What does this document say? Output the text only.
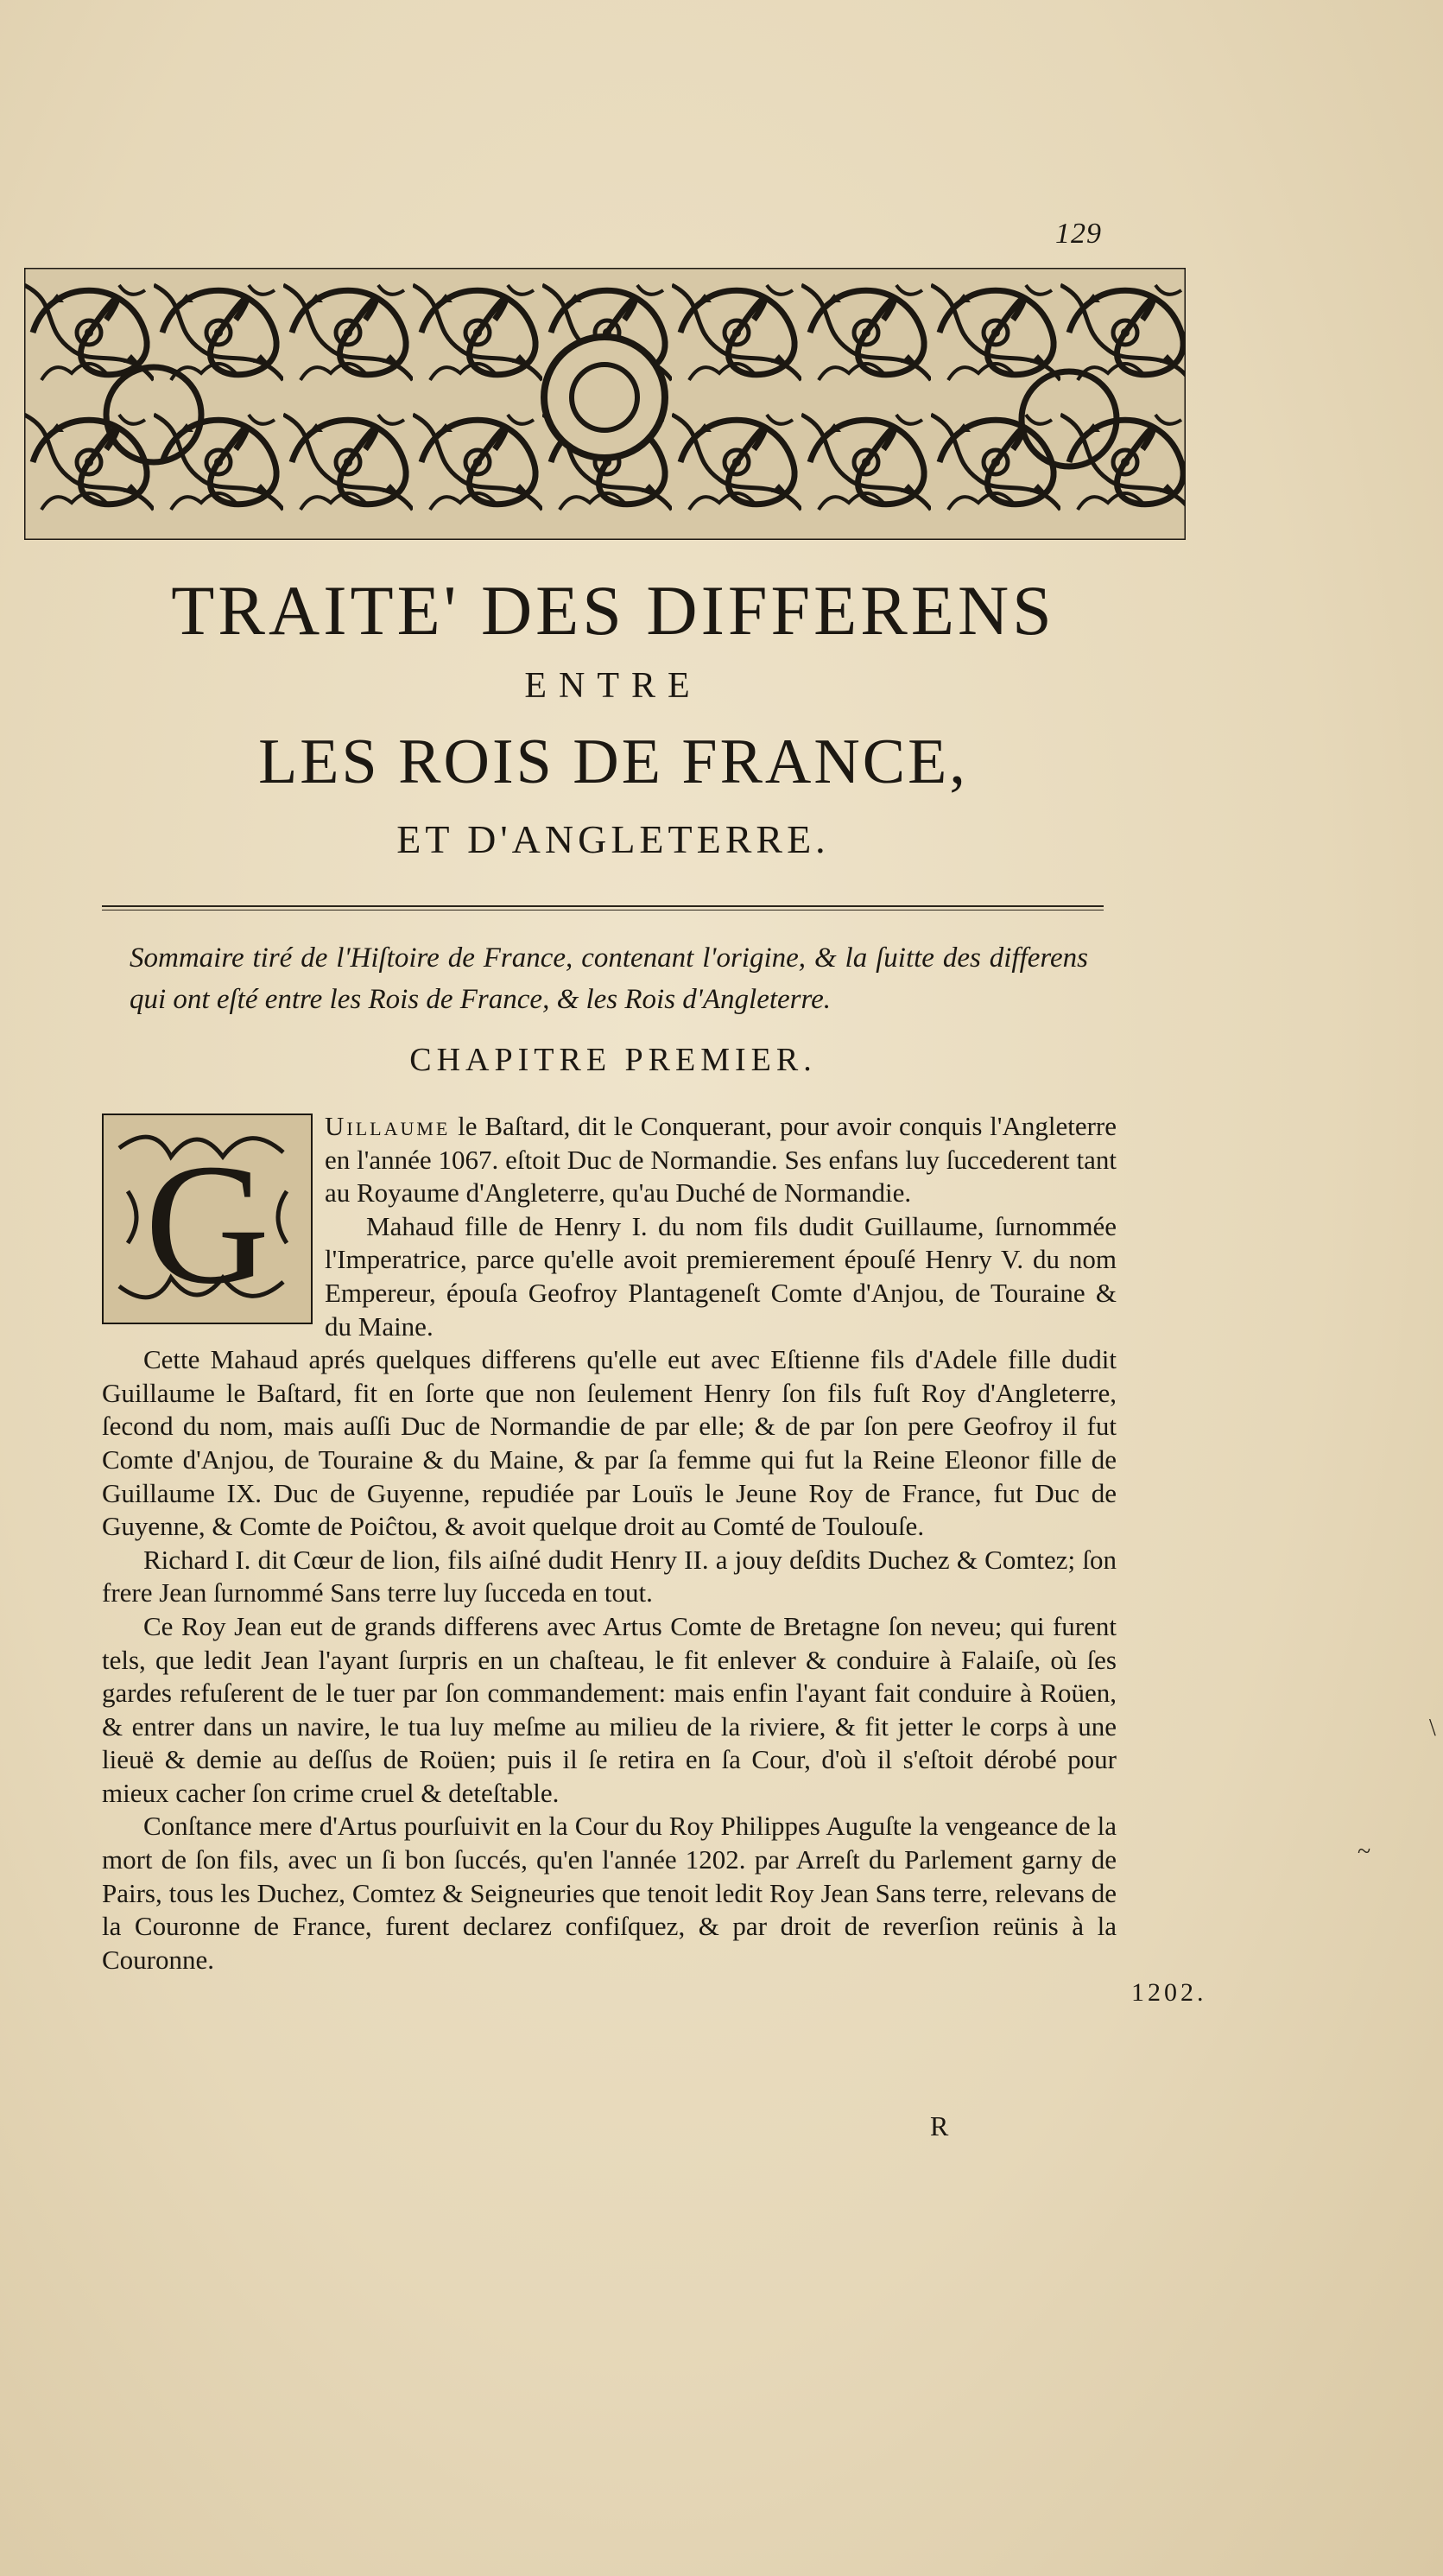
129
TRAITE' DES DIFFERENS
ENTRE
LES ROIS DE FRANCE,
ET D'ANGLETERRE.
Sommaire tiré de l'Hiſtoire de France, contenant l'origine, & la ſuitte des differens qui ont eſté entre les Rois de France, & les Rois d'Angleterre.
CHAPITRE PREMIER.
G

Uillaume le Baſtard, dit le Conquerant, pour avoir conquis l'Angleterre en l'année 1067. eſtoit Duc de Normandie. Ses enfans luy ſuccederent tant au Royaume d'Angleterre, qu'au Duché de Normandie.

Mahaud fille de Henry I. du nom fils dudit Guillaume, ſurnommée l'Imperatrice, parce qu'elle avoit premierement épouſé Henry V. du nom Empereur, épouſa Geofroy Plantageneſt Comte d'Anjou, de Touraine & du Maine.

Cette Mahaud aprés quelques differens qu'elle eut avec Eſtienne fils d'Adele fille dudit Guillaume le Baſtard, fit en ſorte que non ſeulement Henry ſon fils fuſt Roy d'Angleterre, ſecond du nom, mais auſſi Duc de Normandie de par elle; & de par ſon pere Geofroy il fut Comte d'Anjou, de Touraine & du Maine, & par ſa femme qui fut la Reine Eleonor fille de Guillaume IX. Duc de Guyenne, repudiée par Louïs le Jeune Roy de France, fut Duc de Guyenne, & Comte de Poiĉtou, & avoit quelque droit au Comté de Toulouſe.

Richard I. dit Cœur de lion, fils aiſné dudit Henry II. a jouy deſdits Duchez & Comtez; ſon frere Jean ſurnommé Sans terre luy ſucceda en tout.

Ce Roy Jean eut de grands differens avec Artus Comte de Bretagne ſon neveu; qui furent tels, que ledit Jean l'ayant ſurpris en un chaſteau, le fit enlever & conduire à Falaiſe, où ſes gardes refuſerent de le tuer par ſon commandement: mais enfin l'ayant fait conduire à Roüen, & entrer dans un navire, le tua luy meſme au milieu de la riviere, & fit jetter le corps à une lieuë & demie au deſſus de Roüen; puis il ſe retira en ſa Cour, d'où il s'eſtoit dérobé pour mieux cacher ſon crime cruel & deteſtable.

Conſtance mere d'Artus pourſuivit en la Cour du Roy Philippes Auguſte la vengeance de la mort de ſon fils, avec un ſi bon ſuccés, qu'en l'année 1202. par Arreſt du Parlement garny de Pairs, tous les Duchez, Comtez & Seigneuries que tenoit ledit Roy Jean Sans terre, relevans de la Couronne de France, furent declarez confiſquez, & par droit de reverſion reünis à la Couronne.

1202.
R
\
~
